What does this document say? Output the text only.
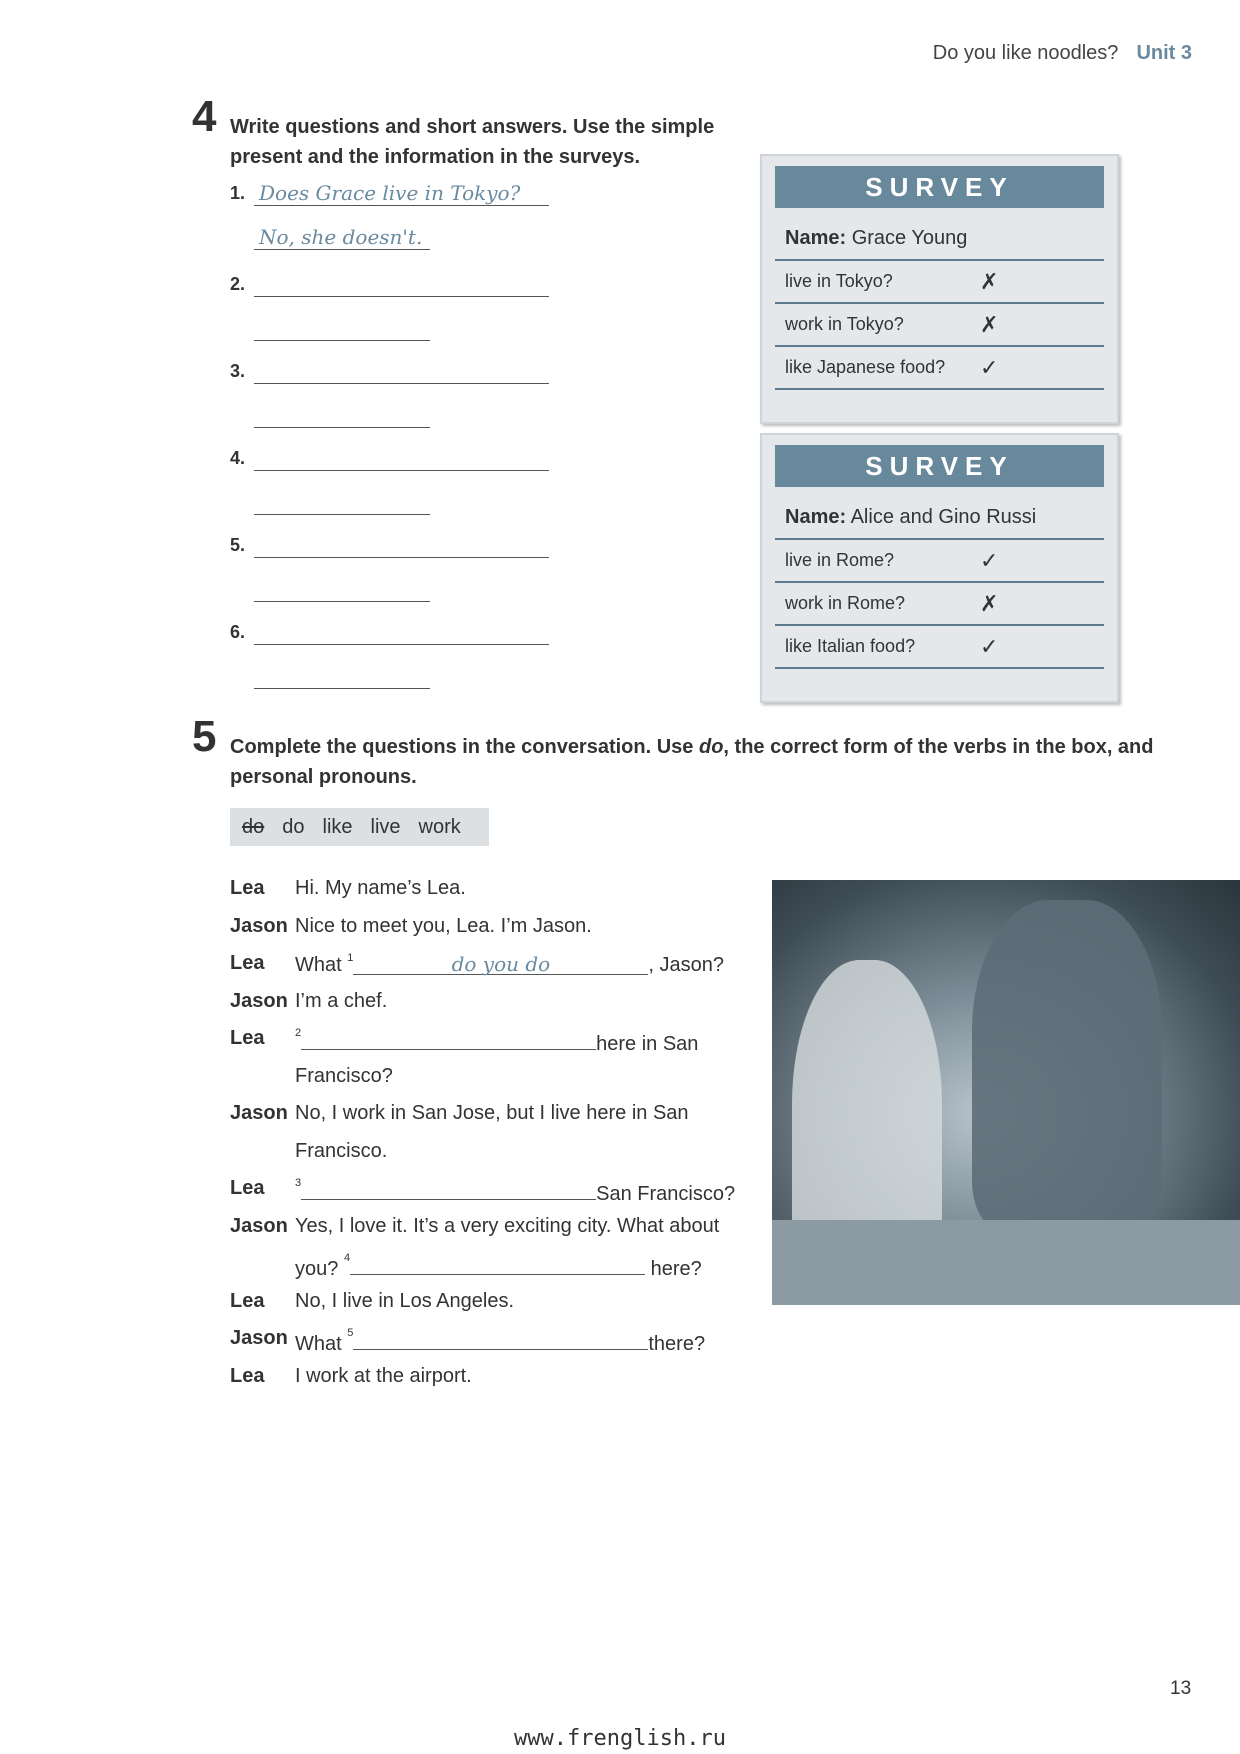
Do you like noodles? Unit 3
4 Write questions and short answers. Use the simple present and the information in the surveys.
1. Does Grace live in Tokyo?
No, she doesn't.
2.
3.
4.
5.
6.
SURVEY
Name: Grace Young
live in Tokyo?	✗
work in Tokyo?	✗
like Japanese food? ✓
SURVEY
Name: Alice and Gino Russi
live in Rome?	✓
work in Rome?	✗
like Italian food?	✓
5 Complete the questions in the conversation. Use do, the correct form of the verbs in the box, and personal pronouns.
do do like live work
Lea Hi. My name’s Lea.
Jason Nice to meet you, Lea. I’m Jason.
Lea What $^1$	do you do	, Jason?
Jason I’m a chef.
Lea	$^2$	here in San
Francisco?
Jason No, I work in San Jose, but I live here in San
Francisco.
Lea	$^3$	San Francisco?
Jason Yes, I love it. It’s a very exciting city. What about
you? $^4$	here?
Lea No, I live in Los Angeles.
Jason What $^5$	there?
Lea I work at the airport.
13
www.frenglish.ru
